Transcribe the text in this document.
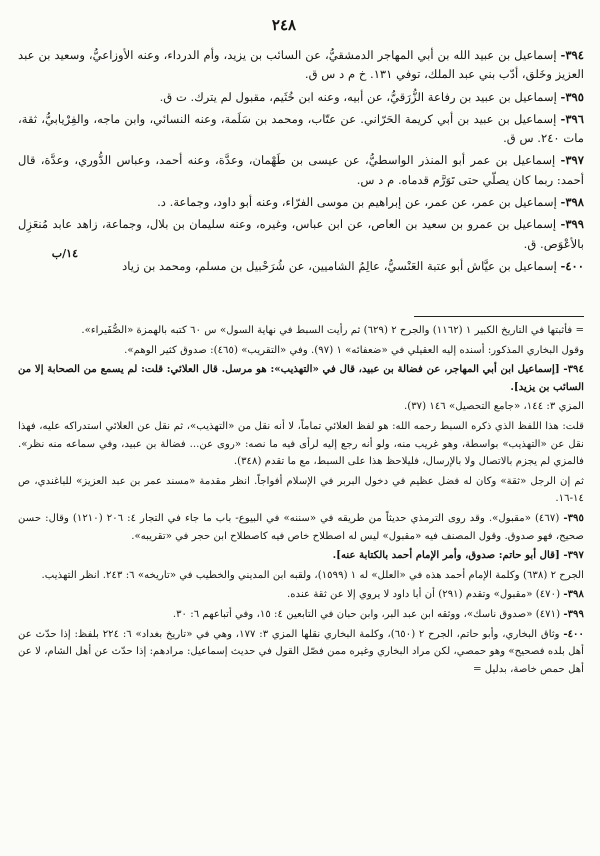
٢٤٨
١٤/ب

٣٩٤- إسماعيل بن عبيد الله بن أبي المهاجر الدمشقيُّ، عن السائب بن يزيد، وأم الدرداء، وعنه الأوزاعيُّ، وسعيد بن عبد العزيز وخَلق، أدّب بني عبد الملك، توفي ١٣١. خ م د س ق.

٣٩٥- إسماعيل بن عبيد بن رفاعة الزُّرَقيُّ، عن أبيه، وعنه ابن خُثَيم، مقبول لم يترك. ت ق.

٣٩٦- إسماعيل بن عبيد بن أبي كريمة الحَرّاني. عن عتّاب، ومحمد بن سَلَمة، وعنه النسائي، وابن ماجه، والفِرْيابيُّ، ثقة، مات ٢٤٠. س ق.

٣٩٧- إسماعيل بن عمر أبو المنذر الواسطيُّ، عن عيسى بن طَهْمان، وعدَّة، وعنه أحمد، وعباس الدُّوري، وعدَّة، قال أحمد: ربما كان يصلّي حتى تَوَرَّم قدماه. م د س.

٣٩٨- إسماعيل بن عمر، عن عمر، عن إبراهيم بن موسى الفرّاء، وعنه أبو داود، وجماعة. د.

٣٩٩- إسماعيل بن عمرو بن سعيد بن العاص، عن ابن عباس، وغيره، وعنه سليمان بن بلال، وجماعة، زاهد عابد مُنعَزِل بالأعْوَص. ق.

٤٠٠- إسماعيل بن عيَّاش أبو عتبة العَنْسيُّ، عالِمُ الشاميين، عن شُرَحْبيل بن مسلم، ومحمد بن زياد

= فأثبتها في التاريخ الكبير ١ (١١٦٢) والجرح ٢ (٦٢٩) ثم رأيت السبط في نهاية السول» س ٦٠ كتبه بالهمزة «الصُّفَيراء».

وقول البخاري المذكور: أسنده إليه العقيلي في «ضعفائه» ١ (٩٧). وفي «التقريب» (٤٦٥): صدوق كثير الوهم».

٣٩٤- [إسماعيل ابن أبي المهاجر، عن فضالة بن عبيد، قال في «التهذيب»: هو مرسل. قال العلائي: قلت: لم يسمع من الصحابة إلا من السائب بن يزيد].

المزي ٣: ١٤٤، «جامع التحصيل» ١٤٦ (٣٧).

قلت: هذا اللفظ الذي ذكره السبط رحمه الله: هو لفظ العلائي تماماً، لا أنه نقل من «التهذيب»، ثم نقل عن العلائي استدراكه عليه، فهذا نقل عن «التهذيب» بواسطة، وهو غريب منه، ولو أنه رجع إليه لرأى فيه ما نصه: «روى عن... فضالة بن عبيد، وفي سماعه منه نظر». فالمزي لم يجزم بالاتصال ولا بالإرسال، فليلاحظ هذا على السبط، مع ما تقدم (٣٤٨).

ثم إن الرجل «ثقة» وكان له فضل عظيم في دخول البربر في الإسلام أفواجاً. انظر مقدمة «مسند عمر بن عبد العزيز» للباغندي، ص ١٤-١٦.

٣٩٥- (٤٦٧) «مقبول». وقد روى الترمذي حديثاً من طريقه في «سننه» في البيوع- باب ما جاء في التجار ٤: ٢٠٦ (١٢١٠) وقال: حسن صحيح، فهو صدوق. وقول المصنف فيه «مقبول» ليس له اصطلاح خاص فيه كاصطلاح ابن حجر في «تقريبه».

٣٩٧- [قال أبو حاتم: صدوق، وأمر الإمام أحمد بالكتابة عنه].

الجرح ٢ (٦٣٨) وكلمة الإمام أحمد هذه في «العلل» له ١ (١٥٩٩)، ولقبه ابن المديني والخطيب في «تاريخه» ٦: ٢٤٣. انظر التهذيب.

٣٩٨- (٤٧٠) «مقبول» وتقدم (٢٩١) أن أبا داود لا يروي إلا عن ثقة عنده.

٣٩٩- (٤٧١) «صدوق ناسك»، ووثقه ابن عبد البر، وابن حبان في التابعين ٤: ١٥، وفي أتباعهم ٦: ٣٠.

٤٠٠- وثاق البخاري، وأبو حاتم، الجرح ٢ (٦٥٠)، وكلمة البخاري نقلها المزي ٣: ١٧٧، وهي في «تاريخ بغداد» ٦: ٢٢٤ بلفظ: إذا حدّث عن أهل بلده فصحيح» وهو حمصي، لكن مراد البخاري وغيره ممن فصّل القول في حديث إسماعيل: مرادهم: إذا حدّث عن أهل الشام، لا عن أهل حمص خاصة، بدليل =
